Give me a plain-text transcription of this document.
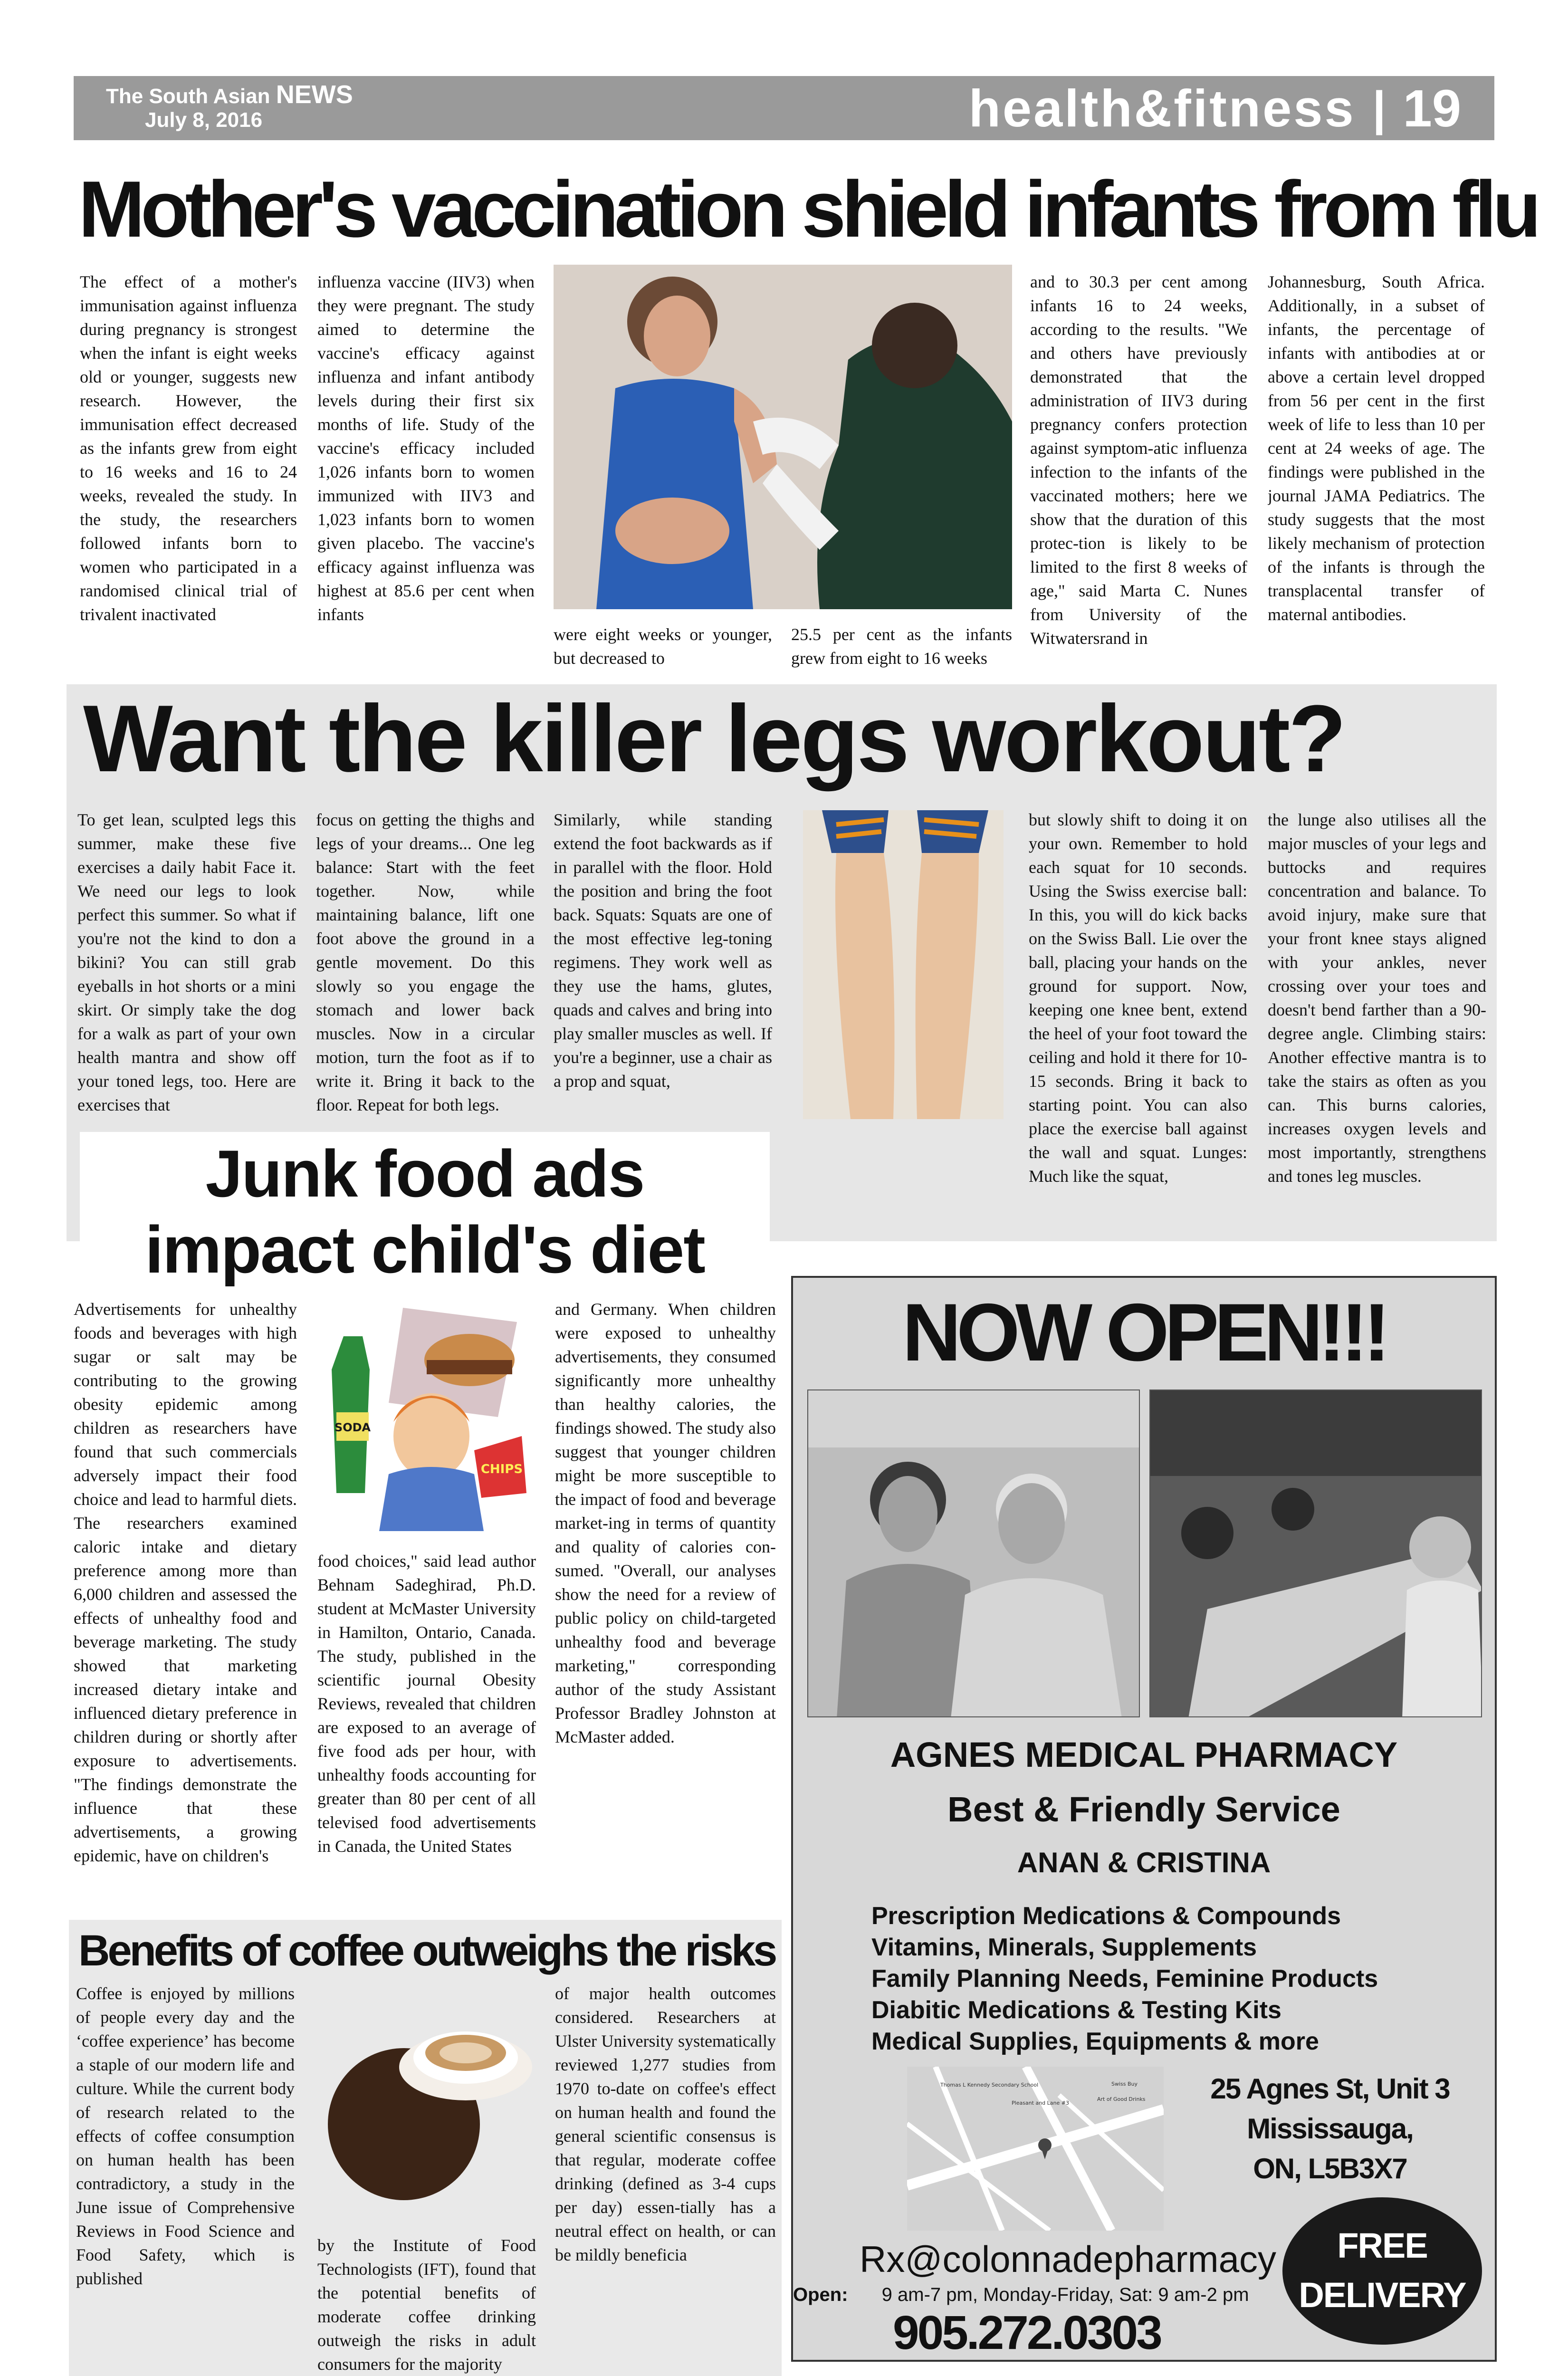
The South Asian NEWS
July 8, 2016	health&fitness | 19
Mother's vaccination shield infants from flu
The effect of a mother's immunisation against influenza during pregnancy is strongest when the infant is eight weeks old or younger, suggests new research. However, the immunisation effect decreased as the infants grew from eight to 16 weeks and 16 to 24 weeks, revealed the study. In the study, the researchers followed infants born to women who participated in a randomised clinical trial of trivalent inactivated
influenza vaccine (IIV3) when they were pregnant. The study aimed to determine the vaccine's efficacy against influenza and infant antibody levels during their first six months of life. Study of the vaccine's efficacy included 1,026 infants born to women immunized with IIV3 and 1,023 infants born to women given placebo. The vaccine's efficacy against influenza was highest at 85.6 per cent when infants
were eight weeks or younger, but decreased to
25.5 per cent as the infants grew from eight to 16 weeks
and to 30.3 per cent among infants 16 to 24 weeks, according to the results. "We and others have previously demonstrated that the administration of IIV3 during pregnancy confers protection against symptom-atic influenza infection to the infants of the vaccinated mothers; here we show that the duration of this protec-tion is likely to be limited to the first 8 weeks of age," said Marta C. Nunes from University of the Witwatersrand in
Johannesburg, South Africa. Additionally, in a subset of infants, the percentage of infants with antibodies at or above a certain level dropped from 56 per cent in the first week of life to less than 10 per cent at 24 weeks of age. The findings were published in the journal JAMA Pediatrics. The study suggests that the most likely mechanism of protection of the infants is through the transplacental transfer of maternal antibodies.
Want the killer legs workout?
To get lean, sculpted legs this summer, make these five exercises a daily habit Face it. We need our legs to look perfect this summer. So what if you're not the kind to don a bikini? You can still grab eyeballs in hot shorts or a mini skirt. Or simply take the dog for a walk as part of your own health mantra and show off your toned legs, too. Here are exercises that
focus on getting the thighs and legs of your dreams... One leg balance: Start with the feet together. Now, while maintaining balance, lift one foot above the ground in a gentle movement. Do this slowly so you engage the stomach and lower back muscles. Now in a circular motion, turn the foot as if to write it. Bring it back to the floor. Repeat for both legs.
Similarly, while standing extend the foot backwards as if in parallel with the floor. Hold the position and bring the foot back. Squats: Squats are one of the most effective leg-toning regimens. They work well as they use the hams, glutes, quads and calves and bring into play smaller muscles as well. If you're a beginner, use a chair as a prop and squat,
but slowly shift to doing it on your own. Remember to hold each squat for 10 seconds. Using the Swiss exercise ball: In this, you will do kick backs on the Swiss Ball. Lie over the ball, placing your hands on the ground for support. Now, keeping one knee bent, extend the heel of your foot toward the ceiling and hold it there for 10-15 seconds. Bring it back to starting point. You can also place the exercise ball against the wall and squat. Lunges: Much like the squat,
the lunge also utilises all the major muscles of your legs and buttocks and requires concentration and balance. To avoid injury, make sure that your front knee stays aligned with your ankles, never crossing over your toes and doesn't bend farther than a 90-degree angle. Climbing stairs: Another effective mantra is to take the stairs as often as you can. This burns calories, increases oxygen levels and most importantly, strengthens and tones leg muscles.
Junk food ads
impact child's diet
Advertisements for unhealthy foods and beverages with high sugar or salt may be contributing to the growing obesity epidemic among children as researchers have found that such commercials adversely impact their food choice and lead to harmful diets. The researchers examined caloric intake and dietary preference among more than 6,000 children and assessed the effects of unhealthy food and beverage marketing. The study showed that marketing increased dietary intake and influenced dietary preference in children during or shortly after exposure to advertisements. "The findings demonstrate the influence that these advertisements, a growing epidemic, have on children's
SODA
CHIPS
food choices," said lead author Behnam Sadeghirad, Ph.D. student at McMaster University in Hamilton, Ontario, Canada. The study, published in the scientific journal Obesity Reviews, revealed that children are exposed to an average of five food ads per hour, with unhealthy foods accounting for greater than 80 per cent of all televised food advertisements in Canada, the United States
and Germany. When children were exposed to unhealthy advertisements, they consumed significantly more unhealthy than healthy calories, the findings showed. The study also suggest that younger children might be more susceptible to the impact of food and beverage market-ing in terms of quantity and quality of calories con-sumed. "Overall, our analyses show the need for a review of public policy on child-targeted unhealthy food and beverage marketing," corresponding author of the study Assistant Professor Bradley Johnston at McMaster added.
Benefits of coffee outweighs the risks
Coffee is enjoyed by millions of people every day and the ‘coffee experience’ has become a staple of our modern life and culture. While the current body of research related to the effects of coffee consumption on human health has been contradictory, a study in the June issue of Comprehensive Reviews in Food Science and Food Safety, which is published
by the Institute of Food Technologists (IFT), found that the potential benefits of moderate coffee drinking outweigh the risks in adult consumers for the majority
of major health outcomes considered. Researchers at Ulster University systematically reviewed 1,277 studies from 1970 to-date on coffee's effect on human health and found the general scientific consensus is that regular, moderate coffee drinking (defined as 3-4 cups per day) essen-tially has a neutral effect on health, or can be mildly beneficia
NOW OPEN!!!
AGNES MEDICAL PHARMACY
Best & Friendly Service
ANAN & CRISTINA
Prescription Medications & Compounds
Vitamins, Minerals, Supplements
Family Planning Needs, Feminine Products
Diabitic Medications & Testing Kits
Medical Supplies, Equipments & more
Thomas L Kennedy Secondary School
Pleasant and Lane #3
Swiss Buy
Art of Good Drinks	25 Agnes St, Unit 3
Mississauga,
ON, L5B3X7
Rx@colonnadepharmacy
Open: 9 am-7 pm, Monday-Friday, Sat: 9 am-2 pm
905.272.0303
FREE
DELIVERY
